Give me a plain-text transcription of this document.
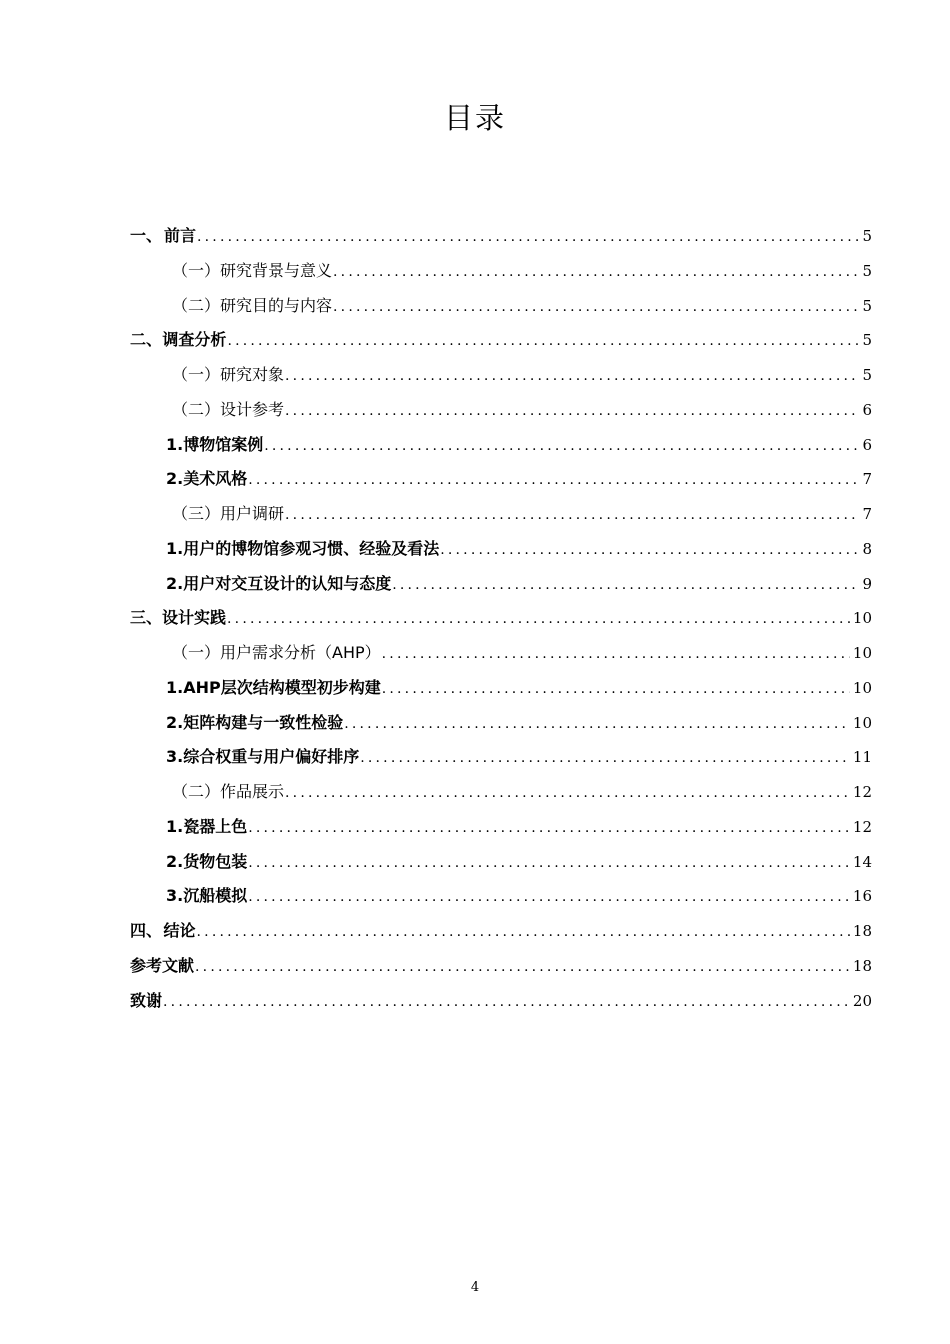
目录
一、 前言 .....	5
（一）研究背景与意义 .....	5
（二）研究目的与内容 .....	5
二、 调查分析 .....	5
（一）研究对象 .....	5
（二）设计参考 .....	6
1.博物馆案例 .....	6
2.美术风格 .....	7
（三）用户调研 .....	7
1.用户的博物馆参观习惯、经验及看法 .....	8
2.用户对交互设计的认知与态度 .....	9
三、 设计实践 .....	10
（一）用户需求分析（AHP） .....	10
1.AHP层次结构模型初步构建 .....	10
2.矩阵构建与一致性检验 .....	10
3.综合权重与用户偏好排序 .....	11
（二）作品展示 .....	12
1.瓷器上色 .....	12
2.货物包装 .....	14
3.沉船模拟 .....	16
四、 结论 .....	18
参考文献 .....	18
致谢 .....	20
4
